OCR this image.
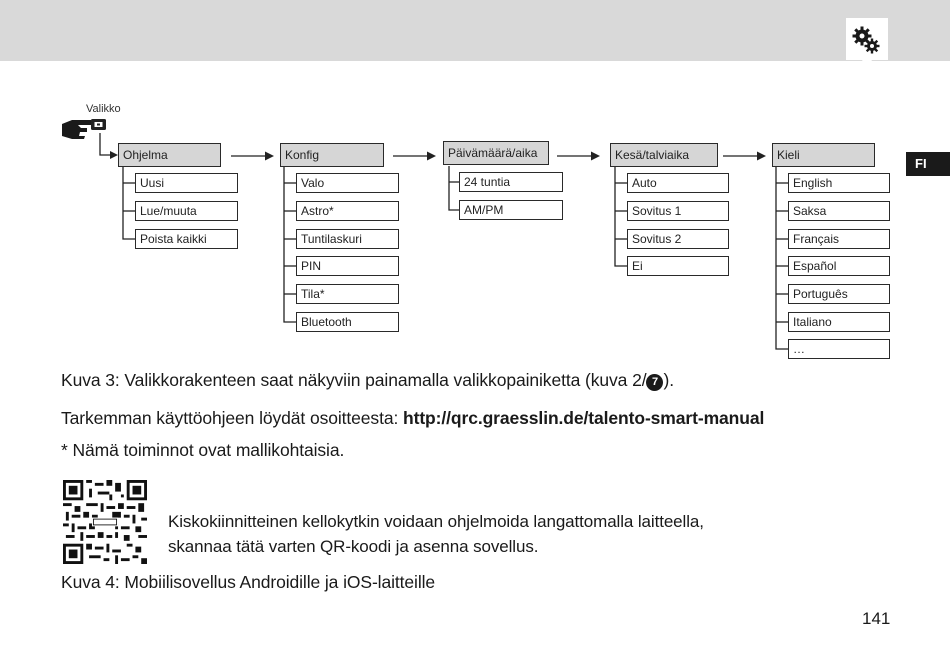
FI
Valikko
Ohjelma
Uusi
Lue/muuta
Poista kaikki
Konfig
Valo
Astro*
Tuntilaskuri
PIN
Tila*
Bluetooth
Päivämäärä/aika
24 tuntia
AM/PM
Kesä/talviaika
Auto
Sovitus 1
Sovitus 2
Ei
Kieli
English
Saksa
Français
Español
Português
Italiano
…
Kuva 3: Valikkorakenteen saat näkyviin painamalla valikkopainiketta (kuva 2/ 7 ).
Tarkemman käyttöohjeen löydät osoitteesta: http://qrc.graesslin.de/talento-smart-manual
* Nämä toiminnot ovat mallikohtaisia.
Kiskokiinnitteinen kellokytkin voidaan ohjelmoida langattomalla laitteella,
skannaa tätä varten QR-koodi ja asenna sovellus.
Kuva 4: Mobiilisovellus Androidille ja iOS-laitteille
141
